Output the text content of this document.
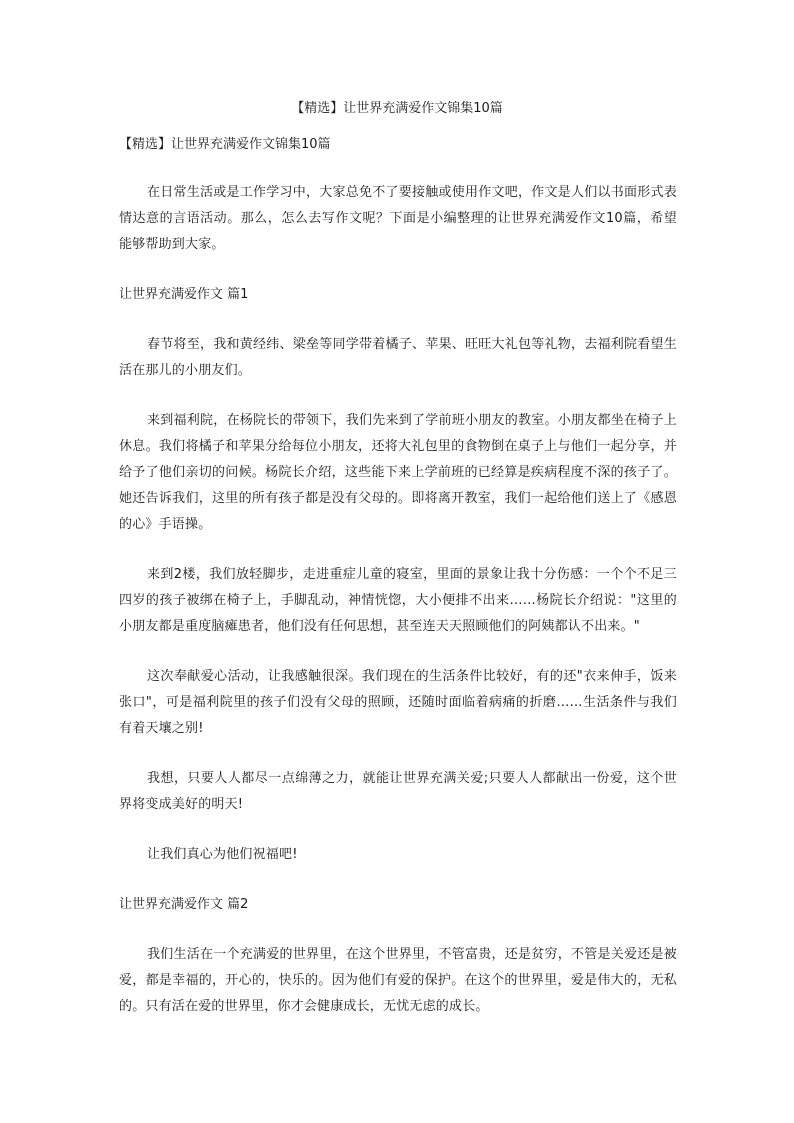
【精选】让世界充满爱作文锦集10篇

【精选】让世界充满爱作文锦集10篇

在日常生活或是工作学习中，大家总免不了要接触或使用作文吧，作文是人们以书面形式表情达意的言语活动。那么，怎么去写作文呢？下面是小编整理的让世界充满爱作文10篇，希望能够帮助到大家。

让世界充满爱作文 篇1

春节将至，我和黄经纬、梁垒等同学带着橘子、苹果、旺旺大礼包等礼物，去福利院看望生活在那儿的小朋友们。

来到福利院，在杨院长的带领下，我们先来到了学前班小朋友的教室。小朋友都坐在椅子上休息。我们将橘子和苹果分给每位小朋友，还将大礼包里的食物倒在桌子上与他们一起分享，并给予了他们亲切的问候。杨院长介绍，这些能下来上学前班的已经算是疾病程度不深的孩子了。她还告诉我们，这里的所有孩子都是没有父母的。即将离开教室，我们一起给他们送上了《感恩的心》手语操。

来到2楼，我们放轻脚步，走进重症儿童的寝室，里面的景象让我十分伤感：一个个不足三四岁的孩子被绑在椅子上，手脚乱动，神情恍惚，大小便排不出来……杨院长介绍说："这里的小朋友都是重度脑瘫患者，他们没有任何思想，甚至连天天照顾他们的阿姨都认不出来。"

这次奉献爱心活动，让我感触很深。我们现在的生活条件比较好，有的还"衣来伸手，饭来张口"，可是福利院里的孩子们没有父母的照顾，还随时面临着病痛的折磨……生活条件与我们有着天壤之别!

我想，只要人人都尽一点绵薄之力，就能让世界充满关爱;只要人人都献出一份爱，这个世界将变成美好的明天!

让我们真心为他们祝福吧!

让世界充满爱作文 篇2

我们生活在一个充满爱的世界里，在这个世界里，不管富贵，还是贫穷，不管是关爱还是被爱，都是幸福的，开心的，快乐的。因为他们有爱的保护。在这个的世界里，爱是伟大的，无私的。只有活在爱的世界里，你才会健康成长，无忧无虑的成长。
